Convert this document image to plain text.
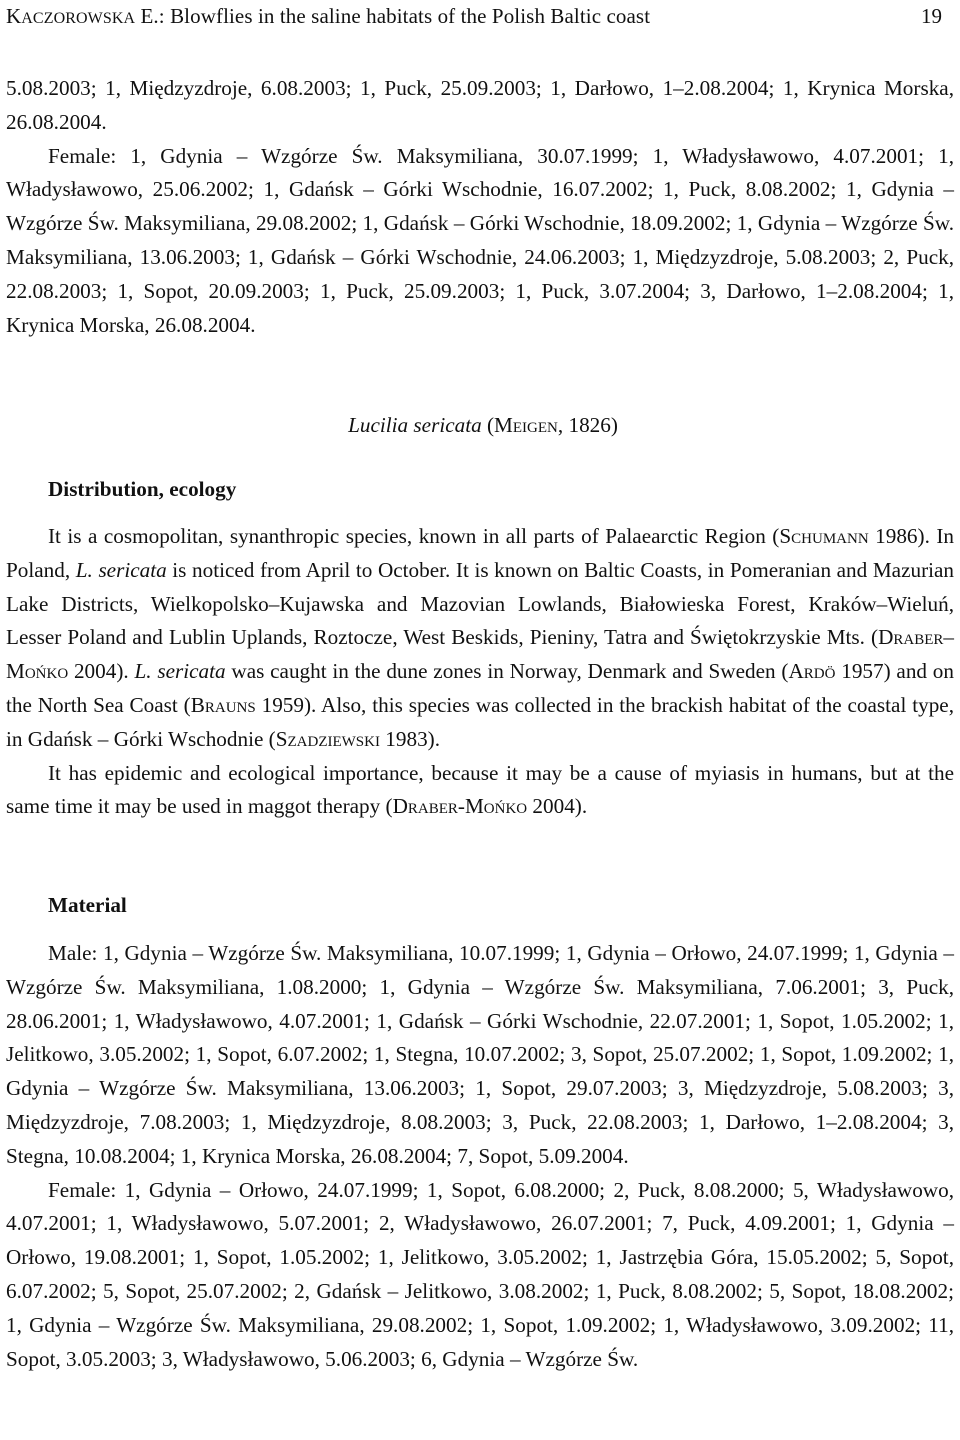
KACZOROWSKA E.: Blowflies in the saline habitats of the Polish Baltic coast	19

5.08.2003; 1, Międzyzdroje, 6.08.2003; 1, Puck, 25.09.2003; 1, Darłowo, 1–2.08.2004; 1, Krynica Morska, 26.08.2004.

Female: 1, Gdynia – Wzgórze Św. Maksymiliana, 30.07.1999; 1, Władysławowo, 4.07.2001; 1, Władysławowo, 25.06.2002; 1, Gdańsk – Górki Wschodnie, 16.07.2002; 1, Puck, 8.08.2002; 1, Gdynia – Wzgórze Św. Maksymiliana, 29.08.2002; 1, Gdańsk – Górki Wschodnie, 18.09.2002; 1, Gdynia – Wzgórze Św. Maksymiliana, 13.06.2003; 1, Gdańsk – Górki Wschodnie, 24.06.2003; 1, Międzyzdroje, 5.08.2003; 2, Puck, 22.08.2003; 1, Sopot, 20.09.2003; 1, Puck, 25.09.2003; 1, Puck, 3.07.2004; 3, Darłowo, 1–2.08.2004; 1, Krynica Morska, 26.08.2004.

Lucilia sericata (Meigen, 1826)
Distribution, ecology

It is a cosmopolitan, synanthropic species, known in all parts of Palaearctic Region (Schumann 1986). In Poland, L. sericata is noticed from April to October. It is known on Baltic Coasts, in Pomeranian and Mazurian Lake Districts, Wielkopolsko–Kujawska and Mazovian Lowlands, Białowieska Forest, Kraków–Wieluń, Lesser Poland and Lublin Uplands, Roztocze, West Beskids, Pieniny, Tatra and Świętokrzyskie Mts. (Draber–Mońko 2004). L. sericata was caught in the dune zones in Norway, Denmark and Sweden (Ardö 1957) and on the North Sea Coast (Brauns 1959). Also, this species was collected in the brackish habitat of the coastal type, in Gdańsk – Górki Wschodnie (Szadziewski 1983).

It has epidemic and ecological importance, because it may be a cause of myiasis in humans, but at the same time it may be used in maggot therapy (Draber-Mońko 2004).

Material

Male: 1, Gdynia – Wzgórze Św. Maksymiliana, 10.07.1999; 1, Gdynia – Orłowo, 24.07.1999; 1, Gdynia – Wzgórze Św. Maksymiliana, 1.08.2000; 1, Gdynia – Wzgórze Św. Maksymiliana, 7.06.2001; 3, Puck, 28.06.2001; 1, Władysławowo, 4.07.2001; 1, Gdańsk – Górki Wschodnie, 22.07.2001; 1, Sopot, 1.05.2002; 1, Jelitkowo, 3.05.2002; 1, Sopot, 6.07.2002; 1, Stegna, 10.07.2002; 3, Sopot, 25.07.2002; 1, Sopot, 1.09.2002; 1, Gdynia – Wzgórze Św. Maksymiliana, 13.06.2003; 1, Sopot, 29.07.2003; 3, Międzyzdroje, 5.08.2003; 3, Międzyzdroje, 7.08.2003; 1, Międzyzdroje, 8.08.2003; 3, Puck, 22.08.2003; 1, Darłowo, 1–2.08.2004; 3, Stegna, 10.08.2004; 1, Krynica Morska, 26.08.2004; 7, Sopot, 5.09.2004.

Female: 1, Gdynia – Orłowo, 24.07.1999; 1, Sopot, 6.08.2000; 2, Puck, 8.08.2000; 5, Władysławowo, 4.07.2001; 1, Władysławowo, 5.07.2001; 2, Władysławowo, 26.07.2001; 7, Puck, 4.09.2001; 1, Gdynia – Orłowo, 19.08.2001; 1, Sopot, 1.05.2002; 1, Jelitkowo, 3.05.2002; 1, Jastrzębia Góra, 15.05.2002; 5, Sopot, 6.07.2002; 5, Sopot, 25.07.2002; 2, Gdańsk – Jelitkowo, 3.08.2002; 1, Puck, 8.08.2002; 5, Sopot, 18.08.2002; 1, Gdynia – Wzgórze Św. Maksymiliana, 29.08.2002; 1, Sopot, 1.09.2002; 1, Władysławowo, 3.09.2002; 11, Sopot, 3.05.2003; 3, Władysławowo, 5.06.2003; 6, Gdynia – Wzgórze Św.
